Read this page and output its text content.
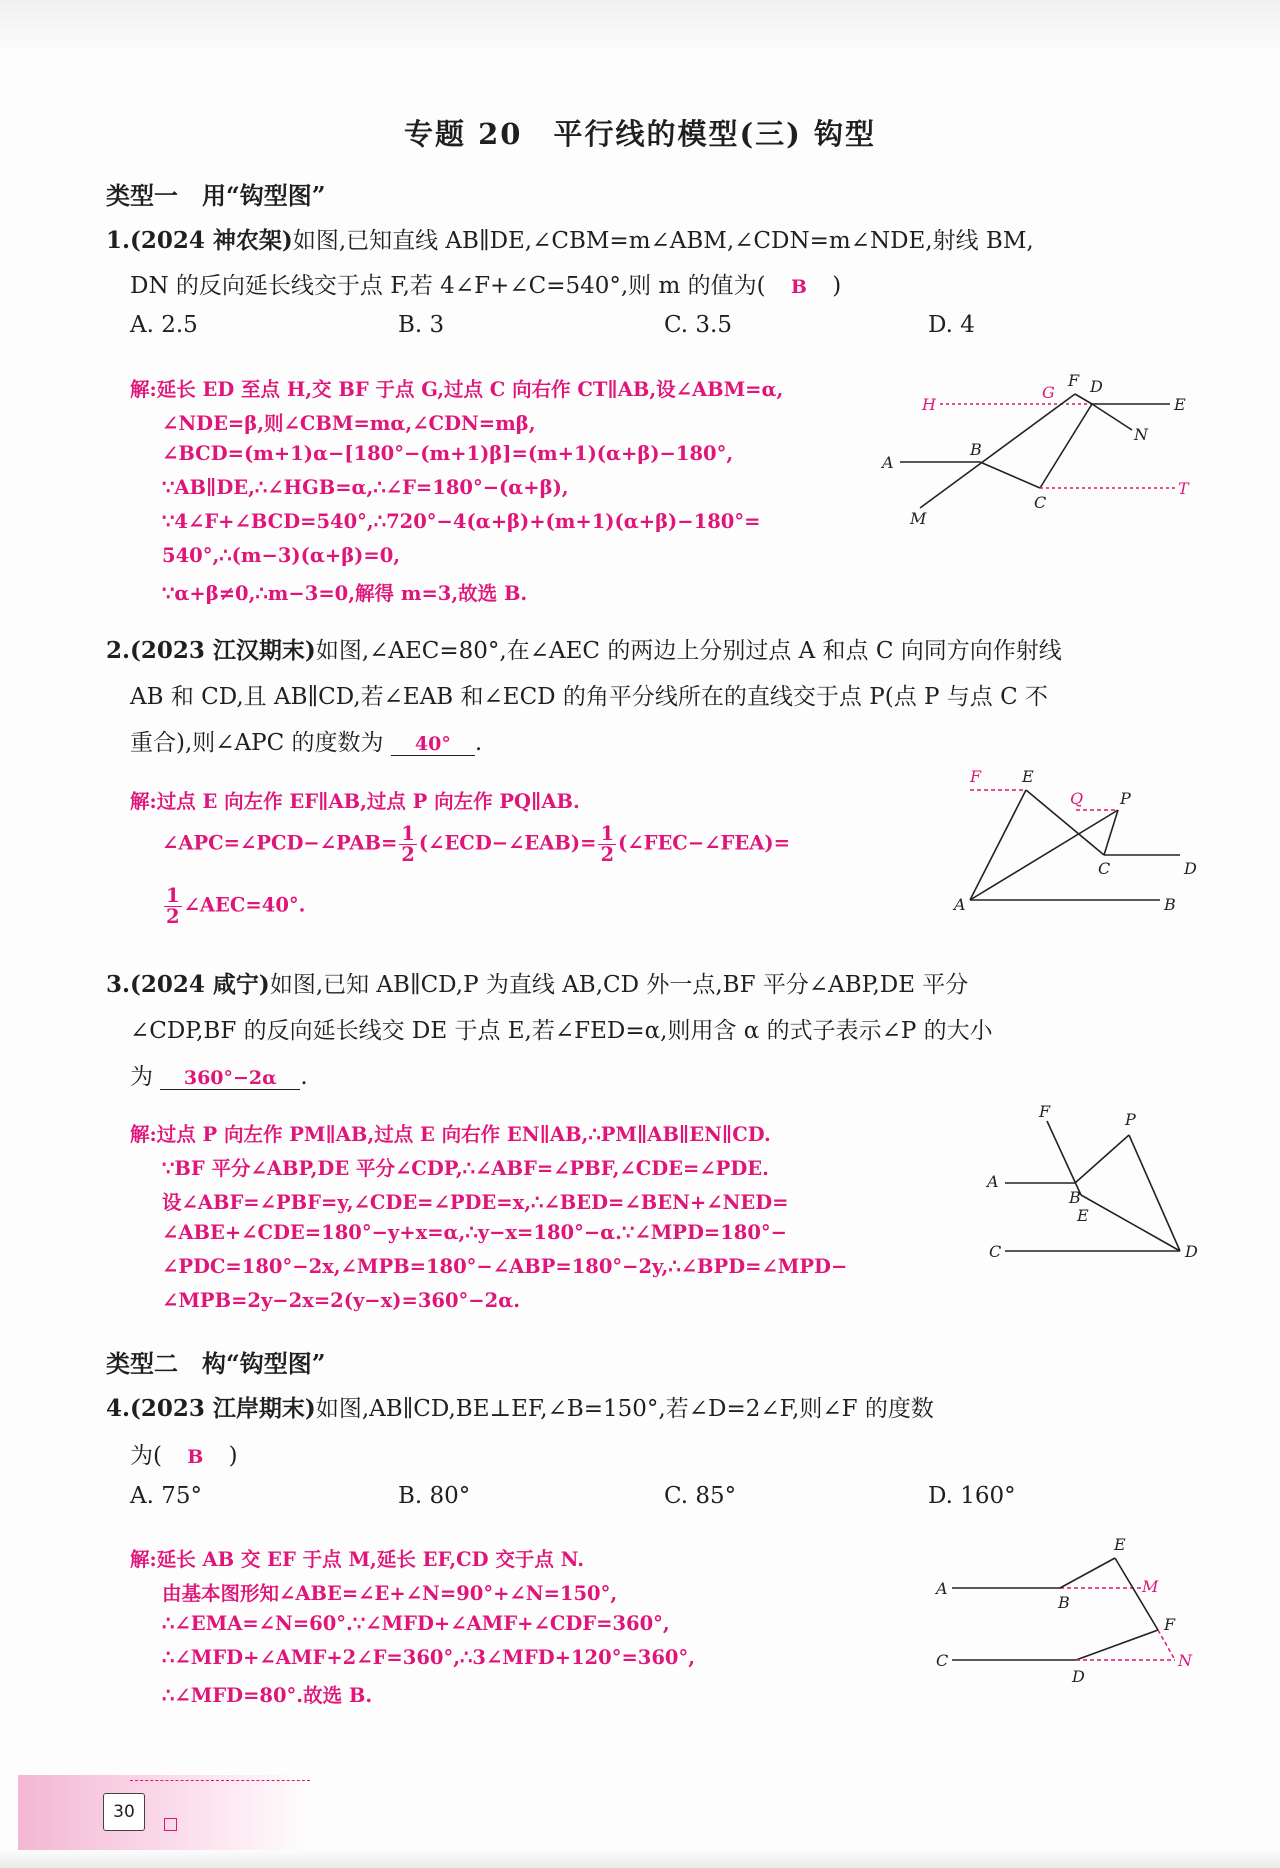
专题 20　平行线的模型(三) 钩型
类型一　用“钩型图”
1.(2024 神农架)如图,已知直线 AB∥DE,∠CBM=m∠ABM,∠CDN=m∠NDE,射线 BM,
DN 的反向延长线交于点 F,若 4∠F+∠C=540°,则 m 的值为( B )
A. 2.5	B. 3	C. 3.5	D. 4
解:延长 ED 至点 H,交 BF 于点 G,过点 C 向右作 CT∥AB,设∠ABM=α,
∠NDE=β,则∠CBM=mα,∠CDN=mβ,
∠BCD=(m+1)α−[180°−(m+1)β]=(m+1)(α+β)−180°,
∵AB∥DE,∴∠HGB=α,∴∠F=180°−(α+β),
∵4∠F+∠BCD=540°,∴720°−4(α+β)+(m+1)(α+β)−180°=
540°,∴(m−3)(α+β)=0,
∵α+β≠0,∴m−3=0,解得 m=3,故选 B.
H
G
F D
E
N
A
B
M
C
T
2.(2023 江汉期末)如图,∠AEC=80°,在∠AEC 的两边上分别过点 A 和点 C 向同方向作射线
AB 和 CD,且 AB∥CD,若∠EAB 和∠ECD 的角平分线所在的直线交于点 P(点 P 与点 C 不
重合),则∠APC 的度数为 40° .
解:过点 E 向左作 EF∥AB,过点 P 向左作 PQ∥AB.
∠APC=∠PCD−∠PAB= $\frac{1}{2}$ (∠ECD−∠EAB)= $\frac{1}{2}$ (∠FEC−∠FEA)=
$\frac{1}{2}$ ∠AEC=40°.
F	E
Q P
C	D
A	B
3.(2024 咸宁)如图,已知 AB∥CD,P 为直线 AB,CD 外一点,BF 平分∠ABP,DE 平分
∠CDP,BF 的反向延长线交 DE 于点 E,若∠FED=α,则用含 α 的式子表示∠P 的大小
为 360°−2α .
解:过点 P 向左作 PM∥AB,过点 E 向右作 EN∥AB,∴PM∥AB∥EN∥CD.
∵BF 平分∠ABP,DE 平分∠CDP,∴∠ABF=∠PBF,∠CDE=∠PDE.
设∠ABF=∠PBF=y,∠CDE=∠PDE=x,∴∠BED=∠BEN+∠NED=
∠ABE+∠CDE=180°−y+x=α,∴y−x=180°−α.∵∠MPD=180°−
∠PDC=180°−2x,∠MPB=180°−∠ABP=180°−2y,∴∠BPD=∠MPD−
∠MPB=2y−2x=2(y−x)=360°−2α.
F	P
A
B
E
C	D
类型二　构“钩型图”
4.(2023 江岸期末)如图,AB∥CD,BE⊥EF,∠B=150°,若∠D=2∠F,则∠F 的度数
为( B )
A. 75°	B. 80°	C. 85°	D. 160°
解:延长 AB 交 EF 于点 M,延长 EF,CD 交于点 N.
由基本图形知∠ABE=∠E+∠N=90°+∠N=150°,
∴∠EMA=∠N=60°.∵∠MFD+∠AMF+∠CDF=360°,
∴∠MFD+∠AMF+2∠F=360°,∴3∠MFD+120°=360°,
∴∠MFD=80°.故选 B.
E
A
B
M
F
C
D
N
30
